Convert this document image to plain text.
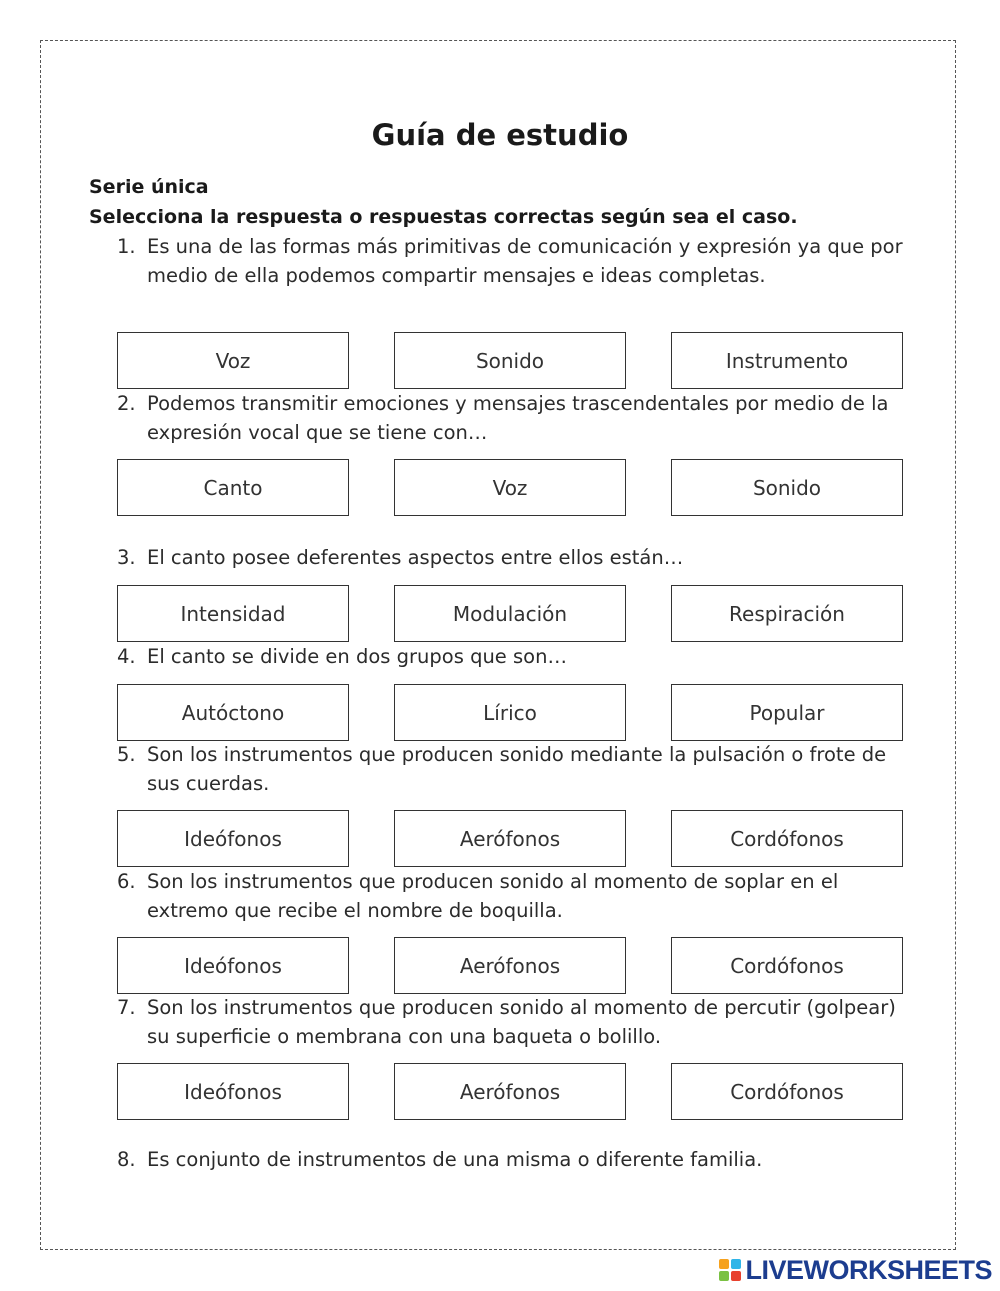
Guía de estudio
Serie única
Selecciona la respuesta o respuestas correctas según sea el caso.
1. Es una de las formas más primitivas de comunicación y expresión ya que por medio de ella podemos compartir mensajes e ideas completas.
Voz	Sonido	Instrumento
2. Podemos transmitir emociones y mensajes trascendentales por medio de la expresión vocal que se tiene con…
Canto	Voz	Sonido
3. El canto posee deferentes aspectos entre ellos están…
Intensidad	Modulación	Respiración
4. El canto se divide en dos grupos que son…
Autóctono	Lírico	Popular
5. Son los instrumentos que producen sonido mediante la pulsación o frote de sus cuerdas.
Ideófonos	Aerófonos	Cordófonos
6. Son los instrumentos que producen sonido al momento de soplar en el extremo que recibe el nombre de boquilla.
Ideófonos	Aerófonos	Cordófonos
7. Son los instrumentos que producen sonido al momento de percutir (golpear) su superficie o membrana con una baqueta o bolillo.
Ideófonos	Aerófonos	Cordófonos
8. Es conjunto de instrumentos de una misma o diferente familia.
LIVEWORKSHEETS
